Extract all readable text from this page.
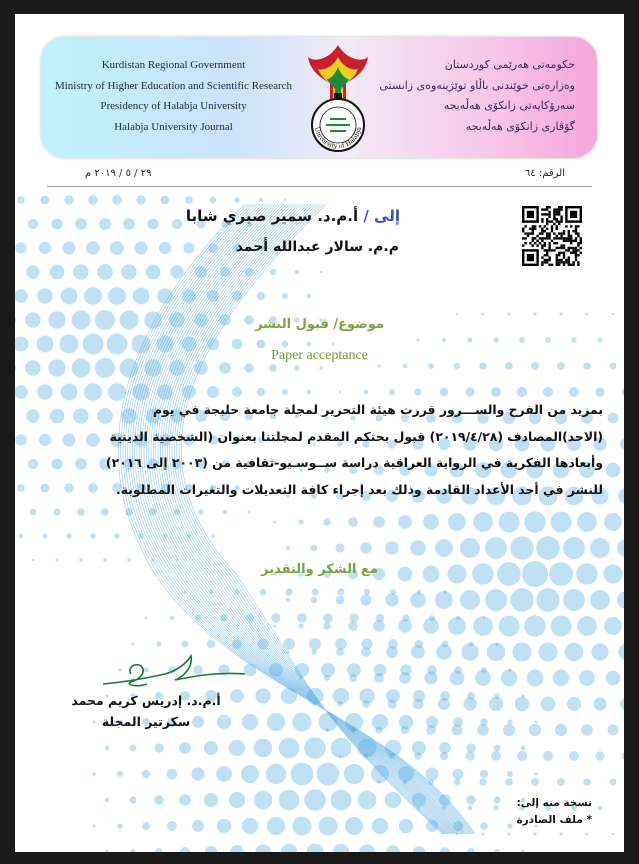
Kurdistan Regional Government
Ministry of Higher Education and Scientific Research
Presidency of Halabja University
Halabja University Journal	University of Halabja
حکومەتی هەرێمی کوردستان
وەزارەتی خوێندنی باڵاو توێژینەوەی زانستی
سەرۆکایەتی زانکۆی هەڵەبجە
گۆڤاری زانکۆی هەڵەبجە
الرقم: ٦٤
٢٩ / ٥ / ٢٠١٩ م
إلى / أ.م.د. سمير صبري شابا
م.م. سالار عبدالله أحمد
موضوع/ قبول النشر
Paper acceptance
بمزيد من الفرح والســـرور قررت هيئة التحرير لمجلة جامعة حلبجة في يوم
(الاحد)المصادف (٢٠١٩/٤/٢٨) قبول بحثكم المقدم لمجلتنا بعنوان (الشخصية الدينية
وأبعادها الفكرية في الرواية العراقية دراسة ســوسـيو-ثقافية من (٢٠٠٣ إلى ٢٠١٦)
للنشر في أحد الأعداد القادمة وذلك بعد إجراء كافة التعديلات والتغيرات المطلوبة.
مع الشكر والتقدير
أ.م.د. إدريس كريم محمد
سكرتير المجلة
نسخة منه إلى:
* ملف الصادرة
